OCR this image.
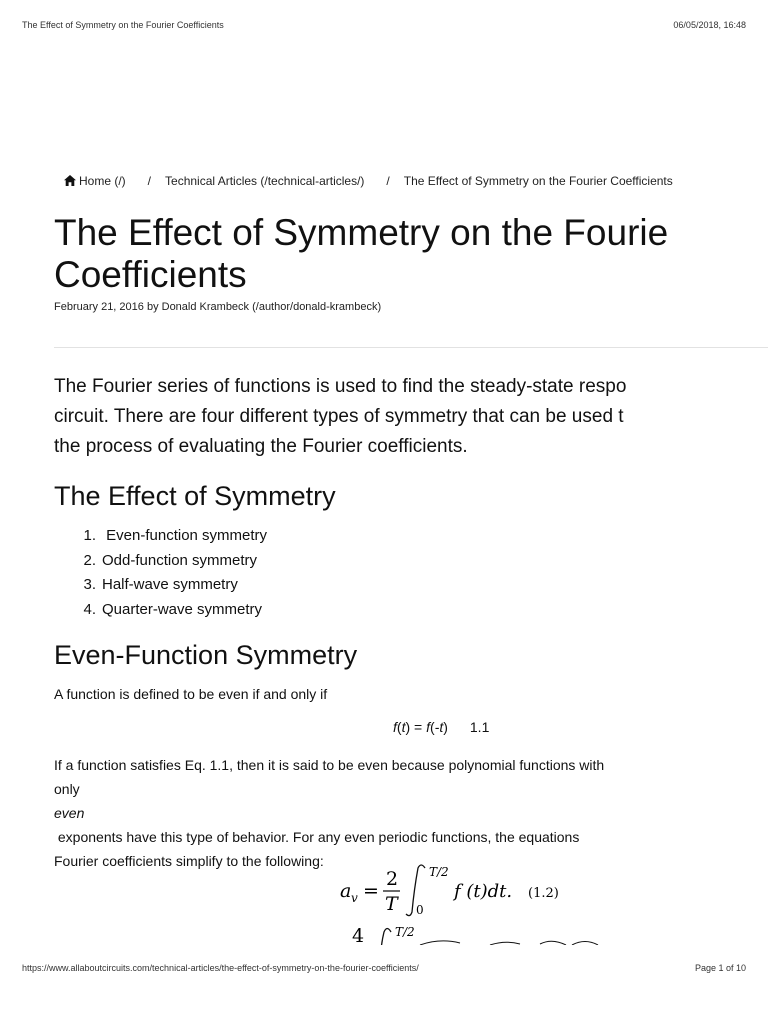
The Effect of Symmetry on the Fourier Coefficients	06/05/2018, 16:48
Home (/) / Technical Articles (/technical-articles/) / The Effect of Symmetry on the Fourier Coefficients
The Effect of Symmetry on the Fourie
Coefficients
February 21, 2016 by Donald Krambeck (/author/donald-krambeck)

The Fourier series of functions is used to find the steady-state respo
circuit. There are four different types of symmetry that can be used t
the process of evaluating the Fourier coefficients.

The Effect of Symmetry
1. Even-function symmetry
2. Odd-function symmetry
3. Half-wave symmetry
4. Quarter-wave symmetry
Even-Function Symmetry

A function is defined to be even if and only if

f(t) = f(-t) 1.1

If a function satisfies Eq. 1.1, then it is said to be even because polynomial functions with
only
even
exponents have this type of behavior. For any even periodic functions, the equations
Fourier coefficients simplify to the following:

a v =
2
T
T/2
0
f (t)dt. (1.2)
4	T/2
https://www.allaboutcircuits.com/technical-articles/the-effect-of-symmetry-on-the-fourier-coefficients/	Page 1 of 10
